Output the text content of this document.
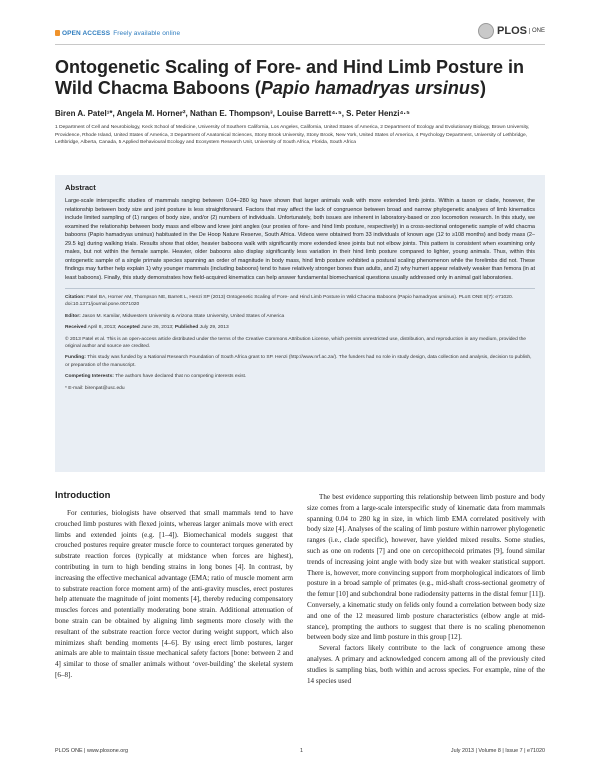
OPEN ACCESS Freely available online	PLOS ONE
Ontogenetic Scaling of Fore- and Hind Limb Posture in Wild Chacma Baboons (Papio hamadryas ursinus)
Biren A. Patel¹*, Angela M. Horner², Nathan E. Thompson³, Louise Barrett⁴·⁵, S. Peter Henzi⁴·⁵
1 Department of Cell and Neurobiology, Keck School of Medicine, University of Southern California, Los Angeles, California, United States of America, 2 Department of Ecology and Evolutionary Biology, Brown University, Providence, Rhode Island, United States of America, 3 Department of Anatomical Sciences, Stony Brook University, Stony Brook, New York, United States of America, 4 Psychology Department, University of Lethbridge, Lethbridge, Alberta, Canada, 5 Applied Behavioural Ecology and Ecosystem Research Unit, University of South Africa, Florida, South Africa
Abstract
Large-scale interspecific studies of mammals ranging between 0.04–280 kg have shown that larger animals walk with more extended limb joints. Within a taxon or clade, however, the relationship between body size and joint posture is less straightforward. Factors that may affect the lack of congruence between broad and narrow phylogenetic analyses of limb kinematics include limited sampling of (1) ranges of body size, and/or (2) numbers of individuals. Unfortunately, both issues are inherent in laboratory-based or zoo locomotion research. In this study, we examined the relationship between body mass and elbow and knee joint angles (our proxies of fore- and hind limb posture, respectively) in a cross-sectional ontogenetic sample of wild chacma baboons (Papio hamadryas ursinus) habituated in the De Hoop Nature Reserve, South Africa. Videos were obtained from 33 individuals of known age (12 to ≥108 months) and body mass (2–29.5 kg) during walking trials. Results show that older, heavier baboons walk with significantly more extended knee joints but not elbow joints. This pattern is consistent when examining only males, but not within the female sample. Heavier, older baboons also display significantly less variation in their hind limb posture compared to lighter, young animals. Thus, within this ontogenetic sample of a single primate species spanning an order of magnitude in body mass, hind limb posture exhibited a postural scaling phenomenon while the forelimbs did not. These findings may further help explain 1) why younger mammals (including baboons) tend to have relatively stronger bones than adults, and 2) why humeri appear relatively weaker than femora (in at least baboons). Finally, this study demonstrates how field-acquired kinematics can help answer fundamental biomechanical questions usually addressed only in animal gait laboratories.
Citation: Patel BA, Horner AM, Thompson NE, Barrett L, Henzi SP (2013) Ontogenetic Scaling of Fore- and Hind Limb Posture in Wild Chacma Baboons (Papio hamadryas ursinus). PLoS ONE 8(7): e71020. doi:10.1371/journal.pone.0071020
Editor: Jason M. Kamilar, Midwestern University & Arizona State University, United States of America
Received April 8, 2013; Accepted June 26, 2013; Published July 29, 2013
© 2013 Patel et al. This is an open-access article distributed under the terms of the Creative Commons Attribution License, which permits unrestricted use, distribution, and reproduction in any medium, provided the original author and source are credited.
Funding: This study was funded by a National Research Foundation of South Africa grant to SP. Henzi (http://www.nrf.ac.za/). The funders had no role in study design, data collection and analysis, decision to publish, or preparation of the manuscript.
Competing Interests: The authors have declared that no competing interests exist.
* E-mail: birenpat@usc.edu
Introduction

For centuries, biologists have observed that small mammals tend to have crouched limb postures with flexed joints, whereas larger animals move with erect limbs and extended joints (e.g. [1–4]). Biomechanical models suggest that crouched postures require greater muscle force to counteract torques generated by substrate reaction forces (typically at midstance when forces are highest), contributing in turn to high bending strains in long bones [4]. In contrast, by increasing the effective mechanical advantage (EMA; ratio of muscle moment arm to substrate reaction force moment arm) of the anti-gravity muscles, erect postures help attenuate the magnitude of joint moments [4], thereby reducing compensatory muscles forces and potentially moderating bone strain. Additional attenuation of bone strain can be obtained by aligning limb segments more closely with the resultant of the substrate reaction force vector during weight support, which also minimizes shaft bending moments [4–6]. By using erect limb postures, larger animals are able to maintain tissue mechanical safety factors [bone: between 2 and 4] similar to those of smaller animals without ‘over-building’ the skeletal system [6–8].

The best evidence supporting this relationship between limb posture and body size comes from a large-scale interspecific study of kinematic data from mammals spanning 0.04 to 280 kg in size, in which limb EMA correlated positively with body size [4]. Analyses of the scaling of limb posture within narrower phylogenetic ranges (i.e., clade specific), however, have yielded mixed results. Some studies, such as one on rodents [7] and one on cercopithecoid primates [9], found similar trends of increasing joint angle with body size but with weaker statistical support. There is, however, more convincing support from morphological indicators of limb posture in a broad sample of primates (e.g., mid-shaft cross-sectional geometry of the femur [10] and subchondral bone radiodensity patterns in the distal femur [11]). Conversely, a kinematic study on felids only found a correlation between body size and one of the 12 measured limb posture characteristics (elbow angle at mid-stance), prompting the authors to suggest that there is no scaling phenomenon between body size and limb posture in this group [12].

Several factors likely contribute to the lack of congruence among these analyses. A primary and acknowledged concern among all of the previously cited studies is sampling bias, both within and across species. For example, nine of the 14 species used

PLOS ONE | www.plosone.org	1	July 2013 | Volume 8 | Issue 7 | e71020
